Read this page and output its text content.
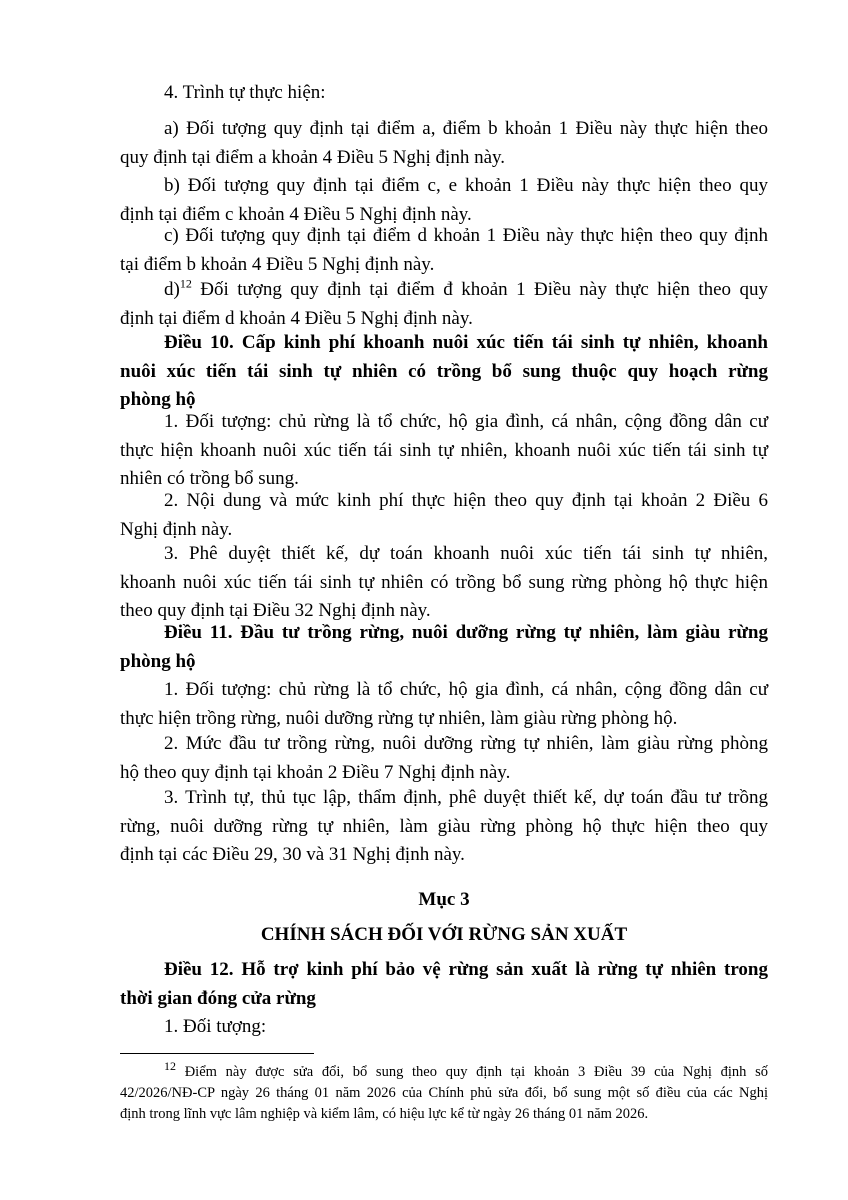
4. Trình tự thực hiện:
a) Đối tượng quy định tại điểm a, điểm b khoản 1 Điều này thực hiện theo
quy định tại điểm a khoản 4 Điều 5 Nghị định này.
b) Đối tượng quy định tại điểm c, e khoản 1 Điều này thực hiện theo quy
định tại điểm c khoản 4 Điều 5 Nghị định này.
c) Đối tượng quy định tại điểm d khoản 1 Điều này thực hiện theo quy định
tại điểm b khoản 4 Điều 5 Nghị định này.
d)$^{12}$ Đối tượng quy định tại điểm đ khoản 1 Điều này thực hiện theo quy
định tại điểm d khoản 4 Điều 5 Nghị định này.
Điều 10. Cấp kinh phí khoanh nuôi xúc tiến tái sinh tự nhiên, khoanh
nuôi xúc tiến tái sinh tự nhiên có trồng bổ sung thuộc quy hoạch rừng
phòng hộ
1. Đối tượng: chủ rừng là tổ chức, hộ gia đình, cá nhân, cộng đồng dân cư
thực hiện khoanh nuôi xúc tiến tái sinh tự nhiên, khoanh nuôi xúc tiến tái sinh tự
nhiên có trồng bổ sung.
2. Nội dung và mức kinh phí thực hiện theo quy định tại khoản 2 Điều 6
Nghị định này.
3. Phê duyệt thiết kế, dự toán khoanh nuôi xúc tiến tái sinh tự nhiên,
khoanh nuôi xúc tiến tái sinh tự nhiên có trồng bổ sung rừng phòng hộ thực hiện
theo quy định tại Điều 32 Nghị định này.
Điều 11. Đầu tư trồng rừng, nuôi dưỡng rừng tự nhiên, làm giàu rừng
phòng hộ
1. Đối tượng: chủ rừng là tổ chức, hộ gia đình, cá nhân, cộng đồng dân cư
thực hiện trồng rừng, nuôi dưỡng rừng tự nhiên, làm giàu rừng phòng hộ.
2. Mức đầu tư trồng rừng, nuôi dưỡng rừng tự nhiên, làm giàu rừng phòng
hộ theo quy định tại khoản 2 Điều 7 Nghị định này.
3. Trình tự, thủ tục lập, thẩm định, phê duyệt thiết kế, dự toán đầu tư trồng
rừng, nuôi dưỡng rừng tự nhiên, làm giàu rừng phòng hộ thực hiện theo quy
định tại các Điều 29, 30 và 31 Nghị định này.
Mục 3
CHÍNH SÁCH ĐỐI VỚI RỪNG SẢN XUẤT
Điều 12. Hỗ trợ kinh phí bảo vệ rừng sản xuất là rừng tự nhiên trong
thời gian đóng cửa rừng
1. Đối tượng:
$^{12}$ Điểm này được sửa đổi, bổ sung theo quy định tại khoản 3 Điều 39 của Nghị định số
42/2026/NĐ-CP ngày 26 tháng 01 năm 2026 của Chính phủ sửa đổi, bổ sung một số điều của các Nghị
định trong lĩnh vực lâm nghiệp và kiểm lâm, có hiệu lực kể từ ngày 26 tháng 01 năm 2026.
